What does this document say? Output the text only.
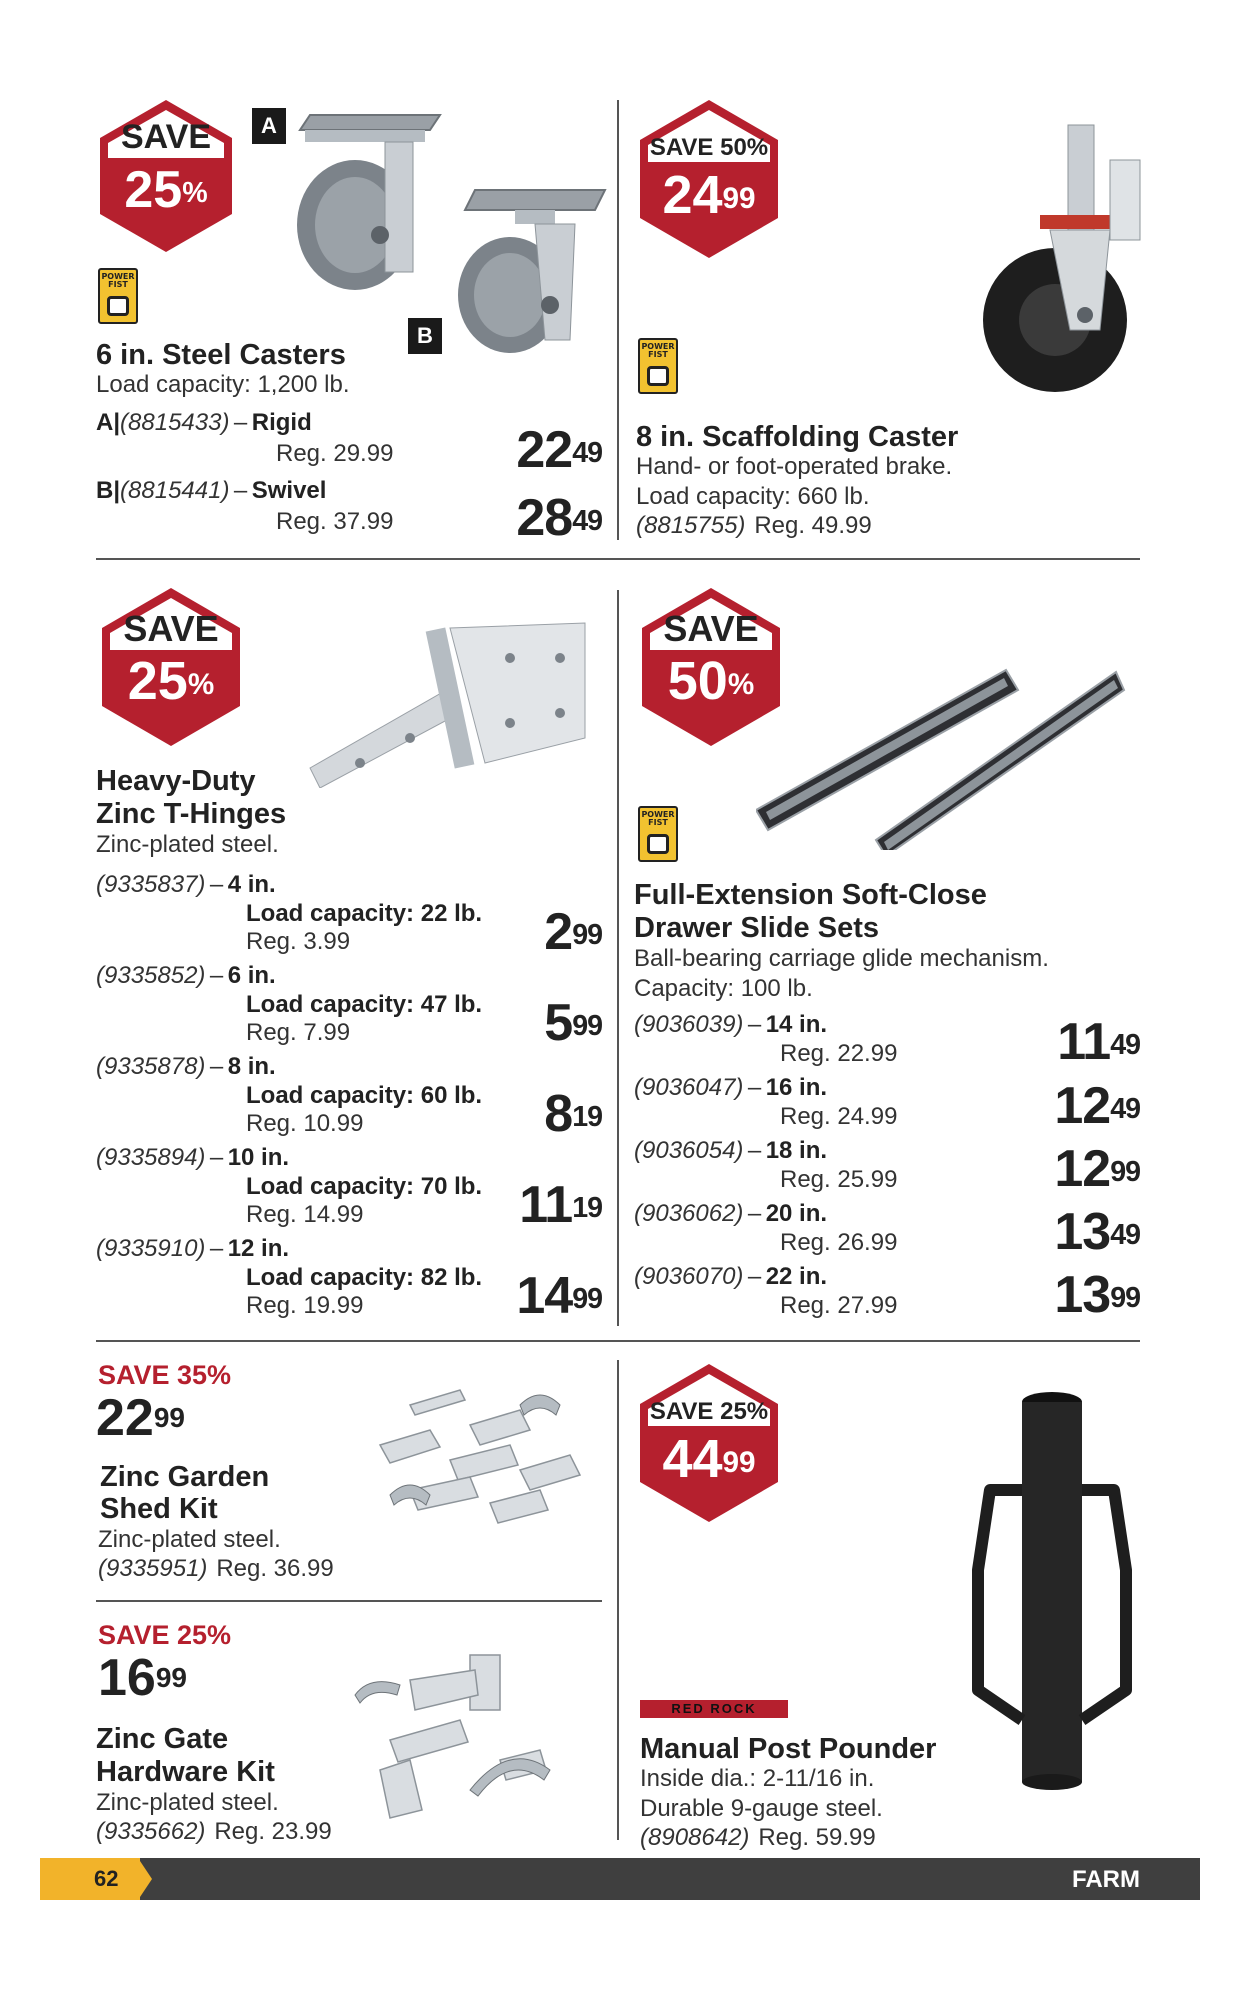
SAVE
25%
A
B
POWER FIST
6 in. Steel Casters
Load capacity: 1,200 lb.
A|(8815433) – Rigid
Reg. 29.99	$22^{49}$
B|(8815441) – Swivel
Reg. 37.99	$28^{49}$
SAVE 50%
$24^{99}$
POWER FIST
8 in. Scaffolding Caster
Hand- or foot-operated brake.
Load capacity: 660 lb.
(8815755) Reg. 49.99
SAVE
25%
Heavy-Duty
Zinc T-Hinges
Zinc-plated steel.
(9335837) – 4 in.
Load capacity: 22 lb.
Reg. 3.99	$2^{99}$
(9335852) – 6 in.
Load capacity: 47 lb.
Reg. 7.99	$5^{99}$
(9335878) – 8 in.
Load capacity: 60 lb.
Reg. 10.99	$8^{19}$
(9335894) – 10 in.
Load capacity: 70 lb.
Reg. 14.99	$11^{19}$
(9335910) – 12 in.
Load capacity: 82 lb.
Reg. 19.99	$14^{99}$
SAVE
50%
POWER FIST
Full-Extension Soft-Close
Drawer Slide Sets
Ball-bearing carriage glide mechanism.
Capacity: 100 lb.
(9036039) – 14 in.
Reg. 22.99	$11^{49}$
(9036047) – 16 in.
Reg. 24.99	$12^{49}$
(9036054) – 18 in.
Reg. 25.99	$12^{99}$
(9036062) – 20 in.
Reg. 26.99	$13^{49}$
(9036070) – 22 in.
Reg. 27.99	$13^{99}$
SAVE 35%
$22^{99}$
Zinc Garden
Shed Kit
Zinc-plated steel.
(9335951) Reg. 36.99
SAVE 25%
$16^{99}$
Zinc Gate
Hardware Kit
Zinc-plated steel.
(9335662) Reg. 23.99
SAVE 25%
$44^{99}$
RED ROCK
Manual Post Pounder
Inside dia.: 2-11/16 in.
Durable 9-gauge steel.
(8908642) Reg. 59.99
62	FARM
